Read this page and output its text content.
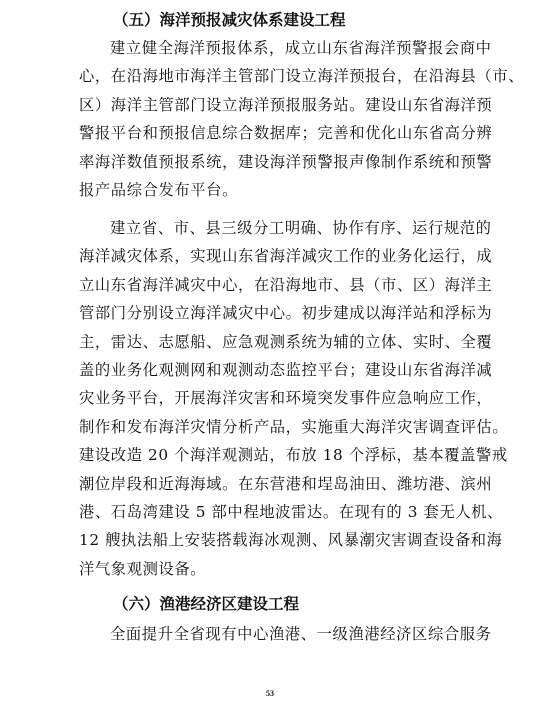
（五）海洋预报减灾体系建设工程
建立健全海洋预报体系，成立山东省海洋预警报会商中
心，在沿海地市海洋主管部门设立海洋预报台，在沿海县（市、
区）海洋主管部门设立海洋预报服务站。建设山东省海洋预
警报平台和预报信息综合数据库；完善和优化山东省高分辨
率海洋数值预报系统，建设海洋预警报声像制作系统和预警
报产品综合发布平台。
建立省、市、县三级分工明确、协作有序、运行规范的
海洋减灾体系，实现山东省海洋减灾工作的业务化运行，成
立山东省海洋减灾中心，在沿海地市、县（市、区）海洋主
管部门分别设立海洋减灾中心。初步建成以海洋站和浮标为
主，雷达、志愿船、应急观测系统为辅的立体、实时、全覆
盖的业务化观测网和观测动态监控平台；建设山东省海洋减
灾业务平台，开展海洋灾害和环境突发事件应急响应工作，
制作和发布海洋灾情分析产品，实施重大海洋灾害调查评估。
建设改造 20 个海洋观测站，布放 18 个浮标，基本覆盖警戒
潮位岸段和近海海域。在东营港和埕岛油田、潍坊港、滨州
港、石岛湾建设 5 部中程地波雷达。在现有的 3 套无人机、
12 艘执法船上安装搭载海冰观测、风暴潮灾害调查设备和海
洋气象观测设备。
（六）渔港经济区建设工程
全面提升全省现有中心渔港、一级渔港经济区综合服务
53
